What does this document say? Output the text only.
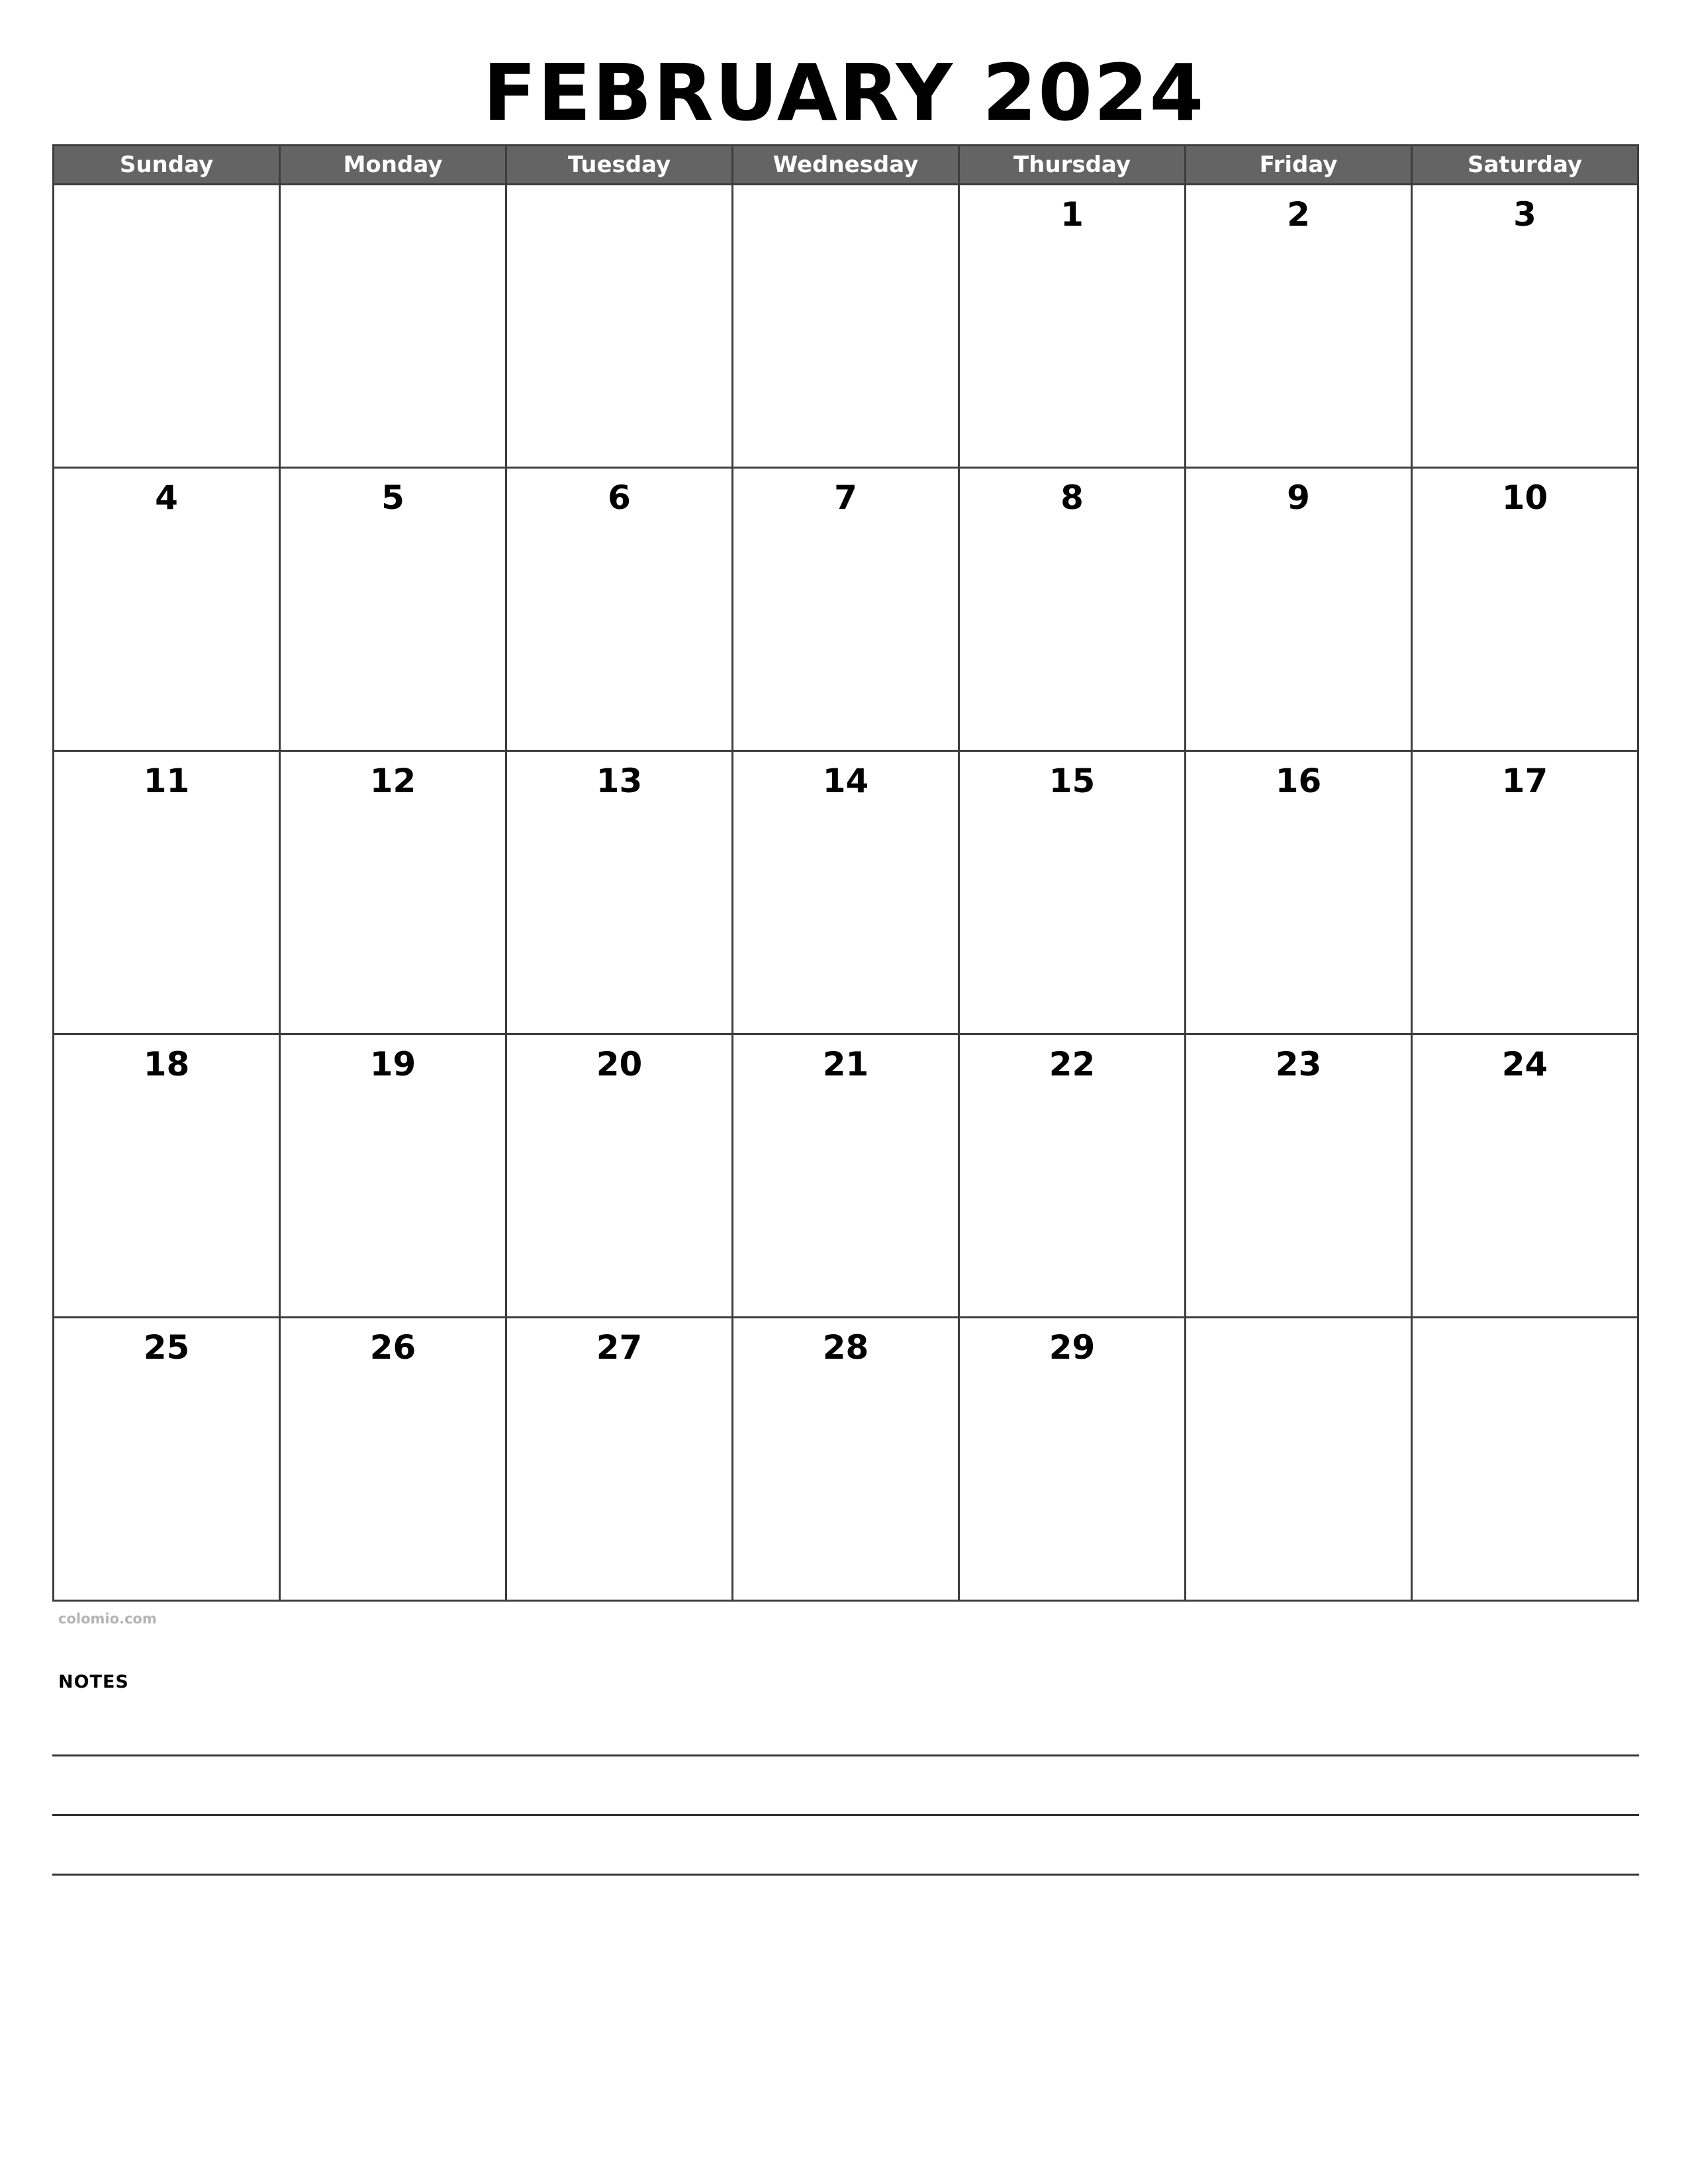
FEBRUARY 2024
Sunday	Monday	Tuesday	Wednesday	Thursday	Friday	Saturday

				1	2	3

4	5	6	7	8	9	10

11	12	13	14	15	16	17

18	19	20	21	22	23	24

25	26	27	28	29		

colomio.com
NOTES
